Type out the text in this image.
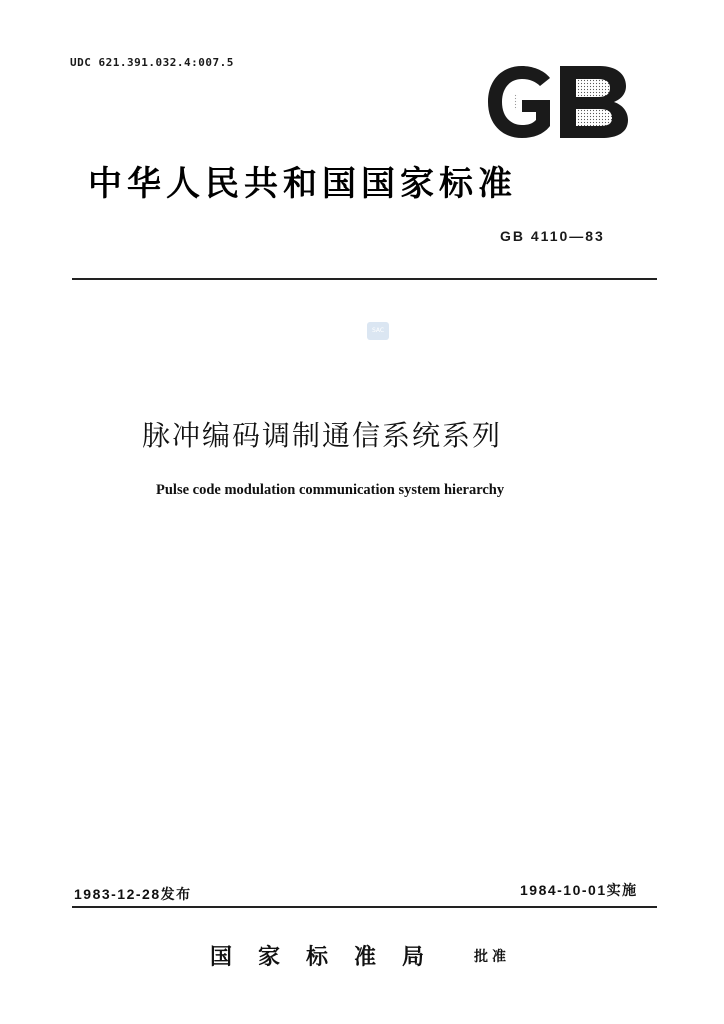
UDC 621.391.032.4:007.5
中华人民共和国国家标准
GB 4110—83
SAC
脉冲编码调制通信系统系列
Pulse code modulation communication system hierarchy
1983-12-28发布	1984-10-01实施
国家标准局 批准
